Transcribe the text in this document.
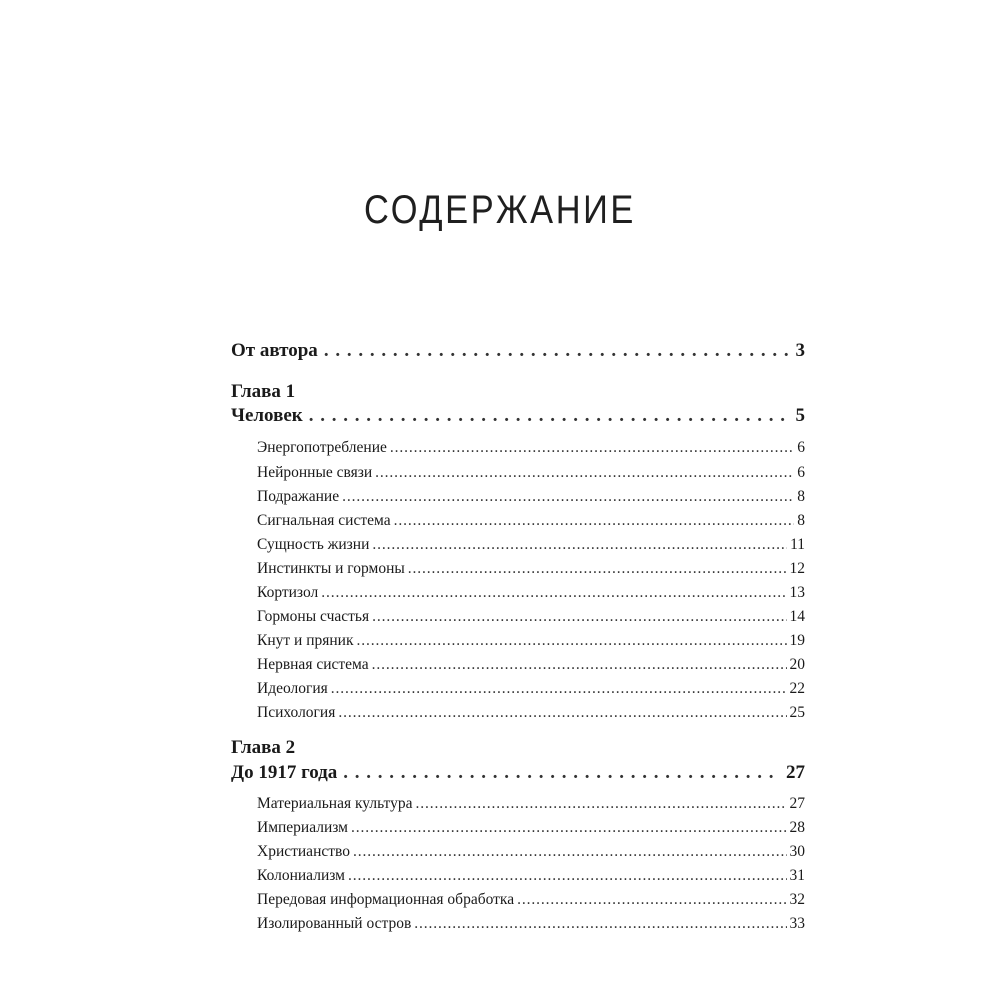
СОДЕРЖАНИЕ
От автора . . .	3
Глава 1
Человек . . .	5
Энергопотребление . . .	6
Нейронные связи . . .	6
Подражание . . .	8
Сигнальная система . . .	8
Сущность жизни . . .	11
Инстинкты и гормоны . . .	12
Кортизол . . .	13
Гормоны счастья . . .	14
Кнут и пряник . . .	19
Нервная система . . .	20
Идеология . . .	22
Психология . . .	25
Глава 2
До 1917 года . . .	27
Материальная культура . . .	27
Империализм . . .	28
Христианство . . .	30
Колониализм . . .	31
Передовая информационная обработка . . .	32
Изолированный остров . . .	33
